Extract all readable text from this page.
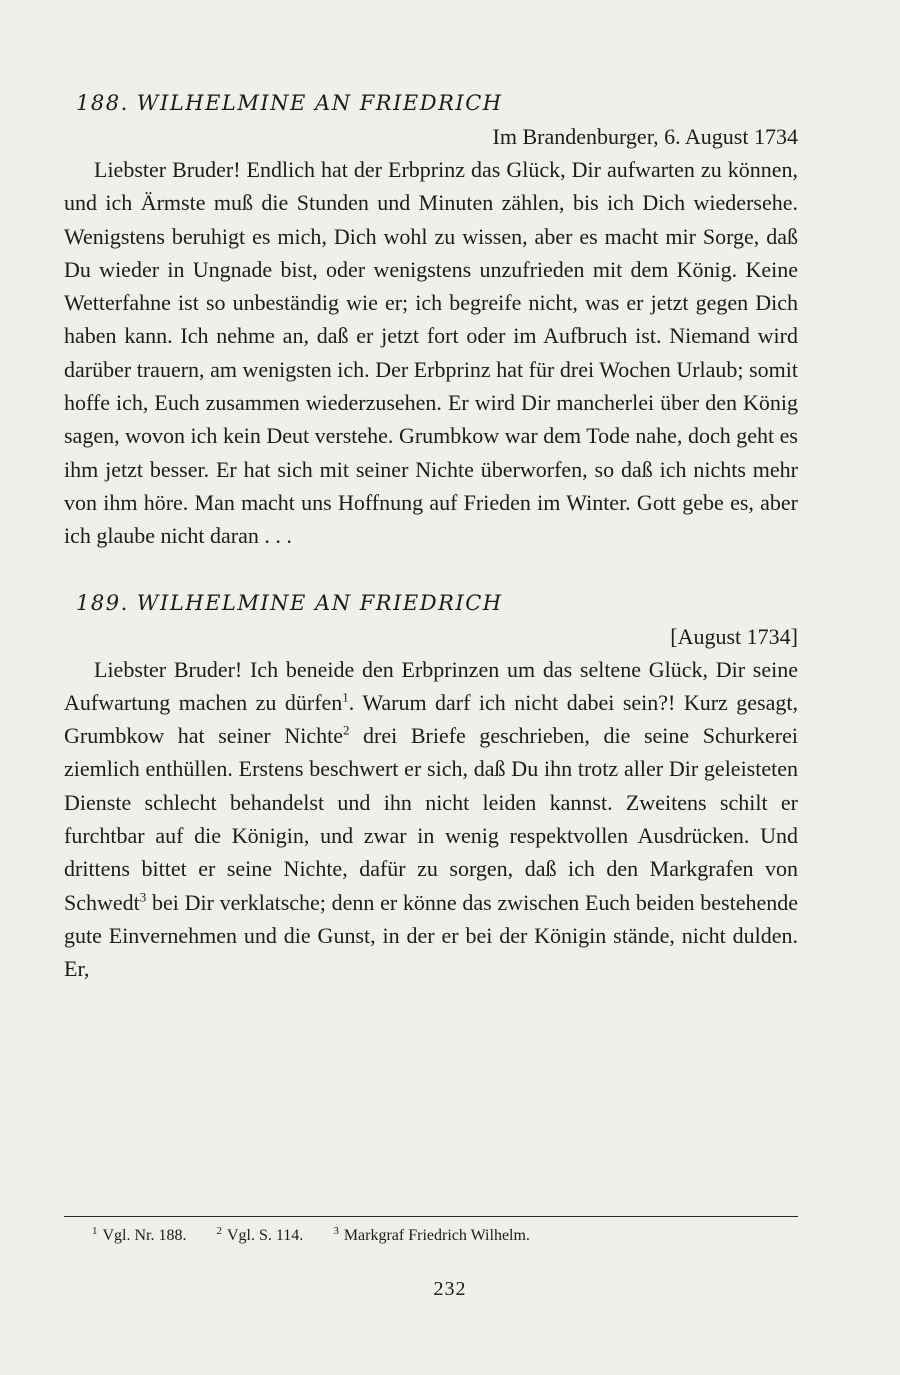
188. WILHELMINE AN FRIEDRICH

Im Brandenburger, 6. August 1734

Liebster Bruder! Endlich hat der Erbprinz das Glück, Dir aufwarten zu können, und ich Ärmste muß die Stunden und Minuten zählen, bis ich Dich wiedersehe. Wenigstens beruhigt es mich, Dich wohl zu wissen, aber es macht mir Sorge, daß Du wieder in Ungnade bist, oder wenigstens unzufrieden mit dem König. Keine Wetterfahne ist so unbeständig wie er; ich begreife nicht, was er jetzt gegen Dich haben kann. Ich nehme an, daß er jetzt fort oder im Aufbruch ist. Niemand wird darüber trauern, am wenigsten ich. Der Erbprinz hat für drei Wochen Urlaub; somit hoffe ich, Euch zusammen wiederzusehen. Er wird Dir mancherlei über den König sagen, wovon ich kein Deut verstehe. Grumbkow war dem Tode nahe, doch geht es ihm jetzt besser. Er hat sich mit seiner Nichte überworfen, so daß ich nichts mehr von ihm höre. Man macht uns Hoffnung auf Frieden im Winter. Gott gebe es, aber ich glaube nicht daran . . .

189. WILHELMINE AN FRIEDRICH

[August 1734]

Liebster Bruder! Ich beneide den Erbprinzen um das seltene Glück, Dir seine Aufwartung machen zu dürfen$^1$. Warum darf ich nicht dabei sein?! Kurz gesagt, Grumbkow hat seiner Nichte$^2$ drei Briefe geschrieben, die seine Schurkerei ziemlich enthüllen. Erstens beschwert er sich, daß Du ihn trotz aller Dir geleisteten Dienste schlecht behandelst und ihn nicht leiden kannst. Zweitens schilt er furchtbar auf die Königin, und zwar in wenig respektvollen Ausdrücken. Und drittens bittet er seine Nichte, dafür zu sorgen, daß ich den Markgrafen von Schwedt$^3$ bei Dir verklatsche; denn er könne das zwischen Euch beiden bestehende gute Einvernehmen und die Gunst, in der er bei der Königin stände, nicht dulden. Er,

$^1$ Vgl. Nr. 188.	$^2$ Vgl. S. 114.	$^3$ Markgraf Friedrich Wilhelm.
232
